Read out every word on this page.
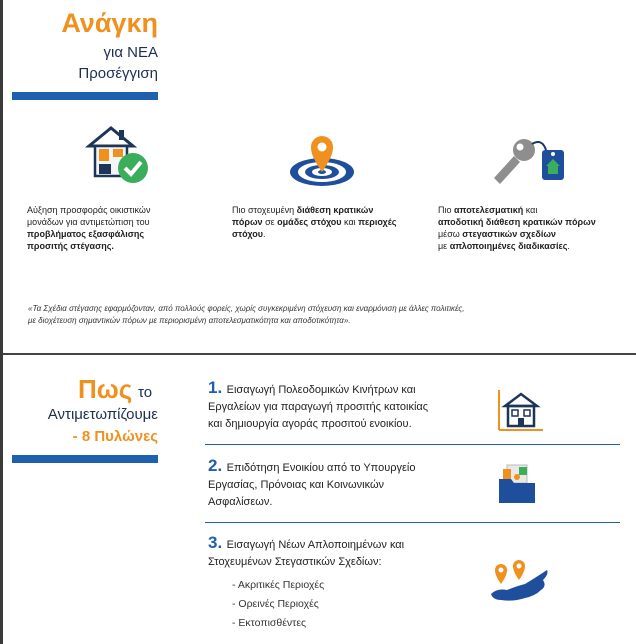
Ανάγκη
για ΝΕΑ
Προσέγγιση
Αύξηση προσφοράς οικιστικών
μονάδων για αντιμετώπιση του
προβλήματος εξασφάλισης
προσιτής στέγασης.
Πιο στοχευμένη διάθεση κρατικών
πόρων σε ομάδες στόχου και περιοχές
στόχου.
Πιο αποτελεσματική και
αποδοτική διάθεση κρατικών πόρων
μέσω στεγαστικών σχεδίων
με απλοποιημένες διαδικασίες.
«Τα Σχέδια στέγασης εφαρμόζονταν, από πολλούς φορείς, χωρίς συγκεκριμένη στόχευση και εναρμόνιση με άλλες πολιτικές,
με διοχέτευση σημαντικών πόρων με περιορισμένη αποτελεσματικότητα και αποδοτικότητα».
Πως το
Αντιμετωπίζουμε
- 8 Πυλώνες
1. Εισαγωγή Πολεοδομικών Κινήτρων και
Εργαλείων για παραγωγή προσιτής κατοικίας
και δημιουργία αγοράς προσιτού ενοικίου.
2. Επιδότηση Ενοικίου από το Υπουργείο
Εργασίας, Πρόνοιας και Κοινωνικών
Ασφαλίσεων.
3. Εισαγωγή Νέων Απλοποιημένων και
Στοχευμένων Στεγαστικών Σχεδίων:
- Ακριτικές Περιοχές
- Ορεινές Περιοχές
- Εκτοπισθέντες
